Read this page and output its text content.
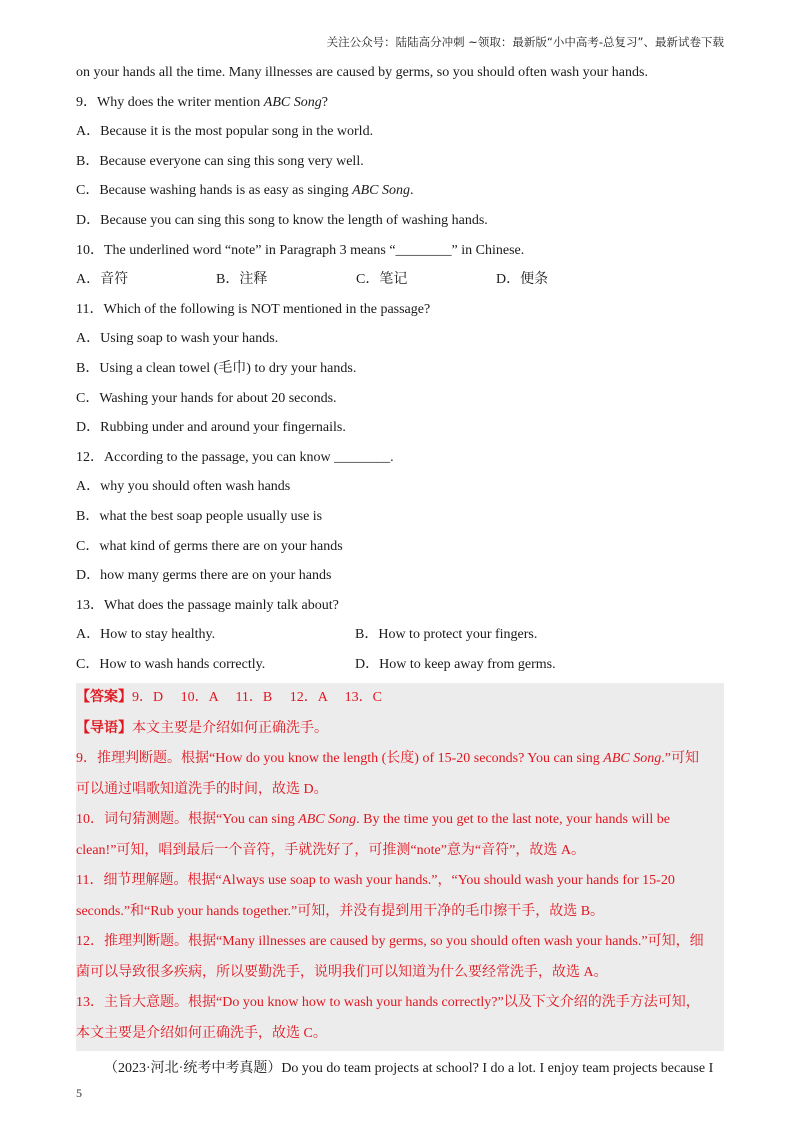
关注公众号：陆陆高分冲刺 ~领取：最新版“小中高考-总复习”、最新试卷下载
on your hands all the time. Many illnesses are caused by germs, so you should often wash your hands.
9．Why does the writer mention ABC Song?
A．Because it is the most popular song in the world.
B．Because everyone can sing this song very well.
C．Because washing hands is as easy as singing ABC Song.
D．Because you can sing this song to know the length of washing hands.
10．The underlined word “note” in Paragraph 3 means “________” in Chinese.
A．音符	B．注释	C．笔记	D．便条
11．Which of the following is NOT mentioned in the passage?
A．Using soap to wash your hands.
B．Using a clean towel (毛巾) to dry your hands.
C．Washing your hands for about 20 seconds.
D．Rubbing under and around your fingernails.
12．According to the passage, you can know ________.
A．why you should often wash hands
B．what the best soap people usually use is
C．what kind of germs there are on your hands
D．how many germs there are on your hands
13．What does the passage mainly talk about?
A．How to stay healthy.	B．How to protect your fingers.
C．How to wash hands correctly.	D．How to keep away from germs.
【答案】9．D     10．A     11．B     12．A     13．C
【导语】本文主要是介绍如何正确洗手。
9．推理判断题。根据“How do you know the length (长度) of 15-20 seconds? You can sing ABC Song.”可知
可以通过唱歌知道洗手的时间，故选 D。
10．词句猜测题。根据“You can sing ABC Song. By the time you get to the last note, your hands will be
clean!”可知，唱到最后一个音符，手就洗好了，可推测“note”意为“音符”，故选 A。
11．细节理解题。根据“Always use soap to wash your hands.”，“You should wash your hands for 15-20
seconds.”和“Rub your hands together.”可知，并没有提到用干净的毛巾擦干手，故选 B。
12．推理判断题。根据“Many illnesses are caused by germs, so you should often wash your hands.”可知，细
菌可以导致很多疾病，所以要勤洗手，说明我们可以知道为什么要经常洗手，故选 A。
13．主旨大意题。根据“Do you know how to wash your hands correctly?”以及下文介绍的洗手方法可知，
本文主要是介绍如何正确洗手，故选 C。
（2023·河北·统考中考真题）Do you do team projects at school? I do a lot. I enjoy team projects because I
5
